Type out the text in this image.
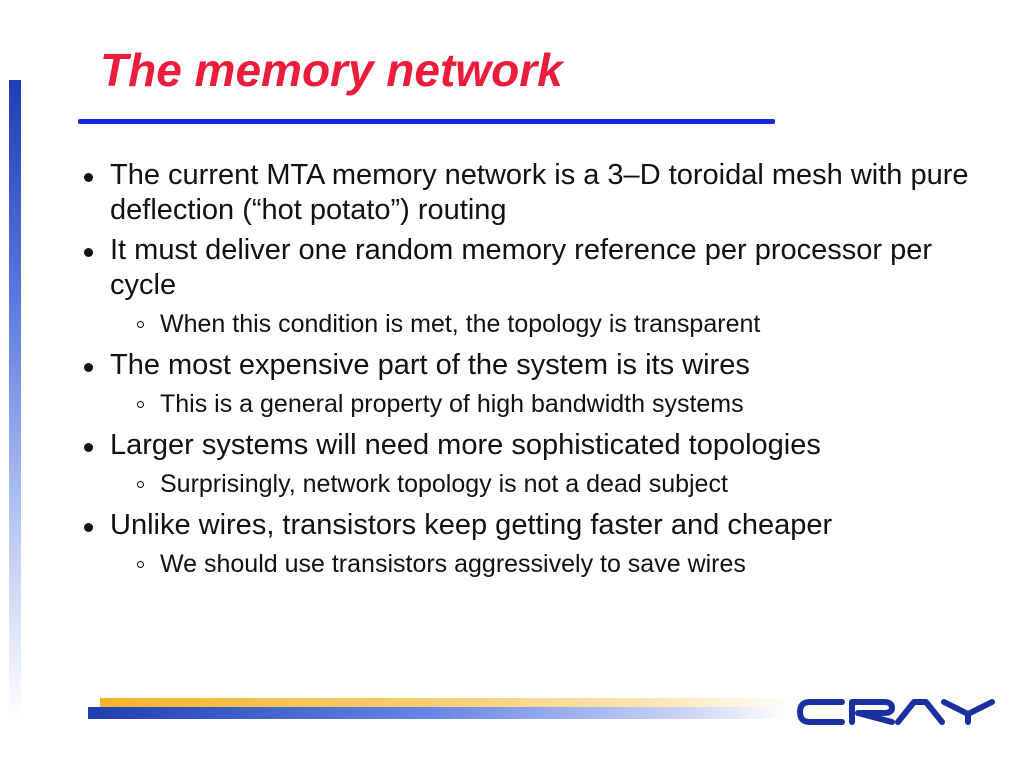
The memory network
The current MTA memory network is a 3–D toroidal mesh with pure deflection (“hot potato”) routing
It must deliver one random memory reference per processor per cycle
When this condition is met, the topology is transparent
The most expensive part of the system is its wires
This is a general property of high bandwidth systems
Larger systems will need more sophisticated topologies
Surprisingly, network topology is not a dead subject
Unlike wires, transistors keep getting faster and cheaper
We should use transistors aggressively to save wires
